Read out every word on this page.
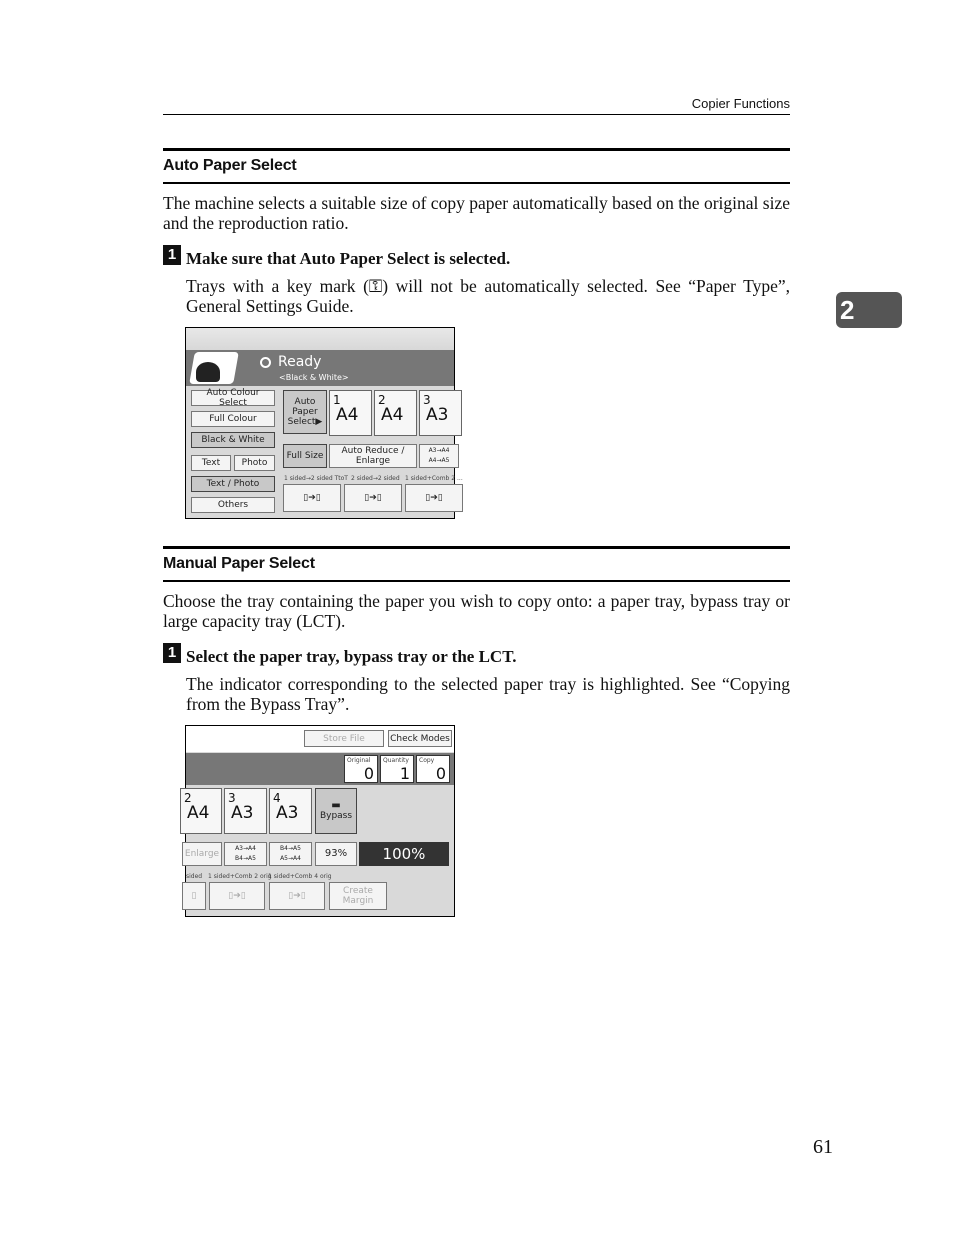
Copier Functions
2
Auto Paper Select
The machine selects a suitable size of copy paper automatically based on the original size and the reproduction ratio.
1 Make sure that Auto Paper Select is selected.
Trays with a key mark (⚿) will not be automatically selected. See “Paper Type”, General Settings Guide.
Ready
<Black & White>
Auto Colour Select
Full Colour
Black & White
Text	Photo
Text / Photo
Others
Auto Paper Select▶
1
A4
2
A4
3
A3
Full Size	Auto Reduce / Enlarge
A3→A4 A4→A5
1 sided→2 sided TtoT 2 sided→2 sided 1 sided+Comb 2 ...
▯➔▯	▯➔▯	▯➔▯
Manual Paper Select
Choose the tray containing the paper you wish to copy onto: a paper tray, bypass tray or large capacity tray (LCT).
1 Select the paper tray, bypass tray or the LCT.
The indicator corresponding to the selected paper tray is highlighted. See “Copying from the Bypass Tray”.
Store File	Check Modes
Original
0
Quantity
1
Copy
0
2
A4
3
A3
4
A3	▬
Bypass
Enlarge
A3→A4 B4→A5
B4→A5 A5→A4	93%	100%
sided 1 sided+Comb 2 orig
1 sided+Comb 4 orig
▯	▯➔▯	▯➔▯	Create Margin
61
